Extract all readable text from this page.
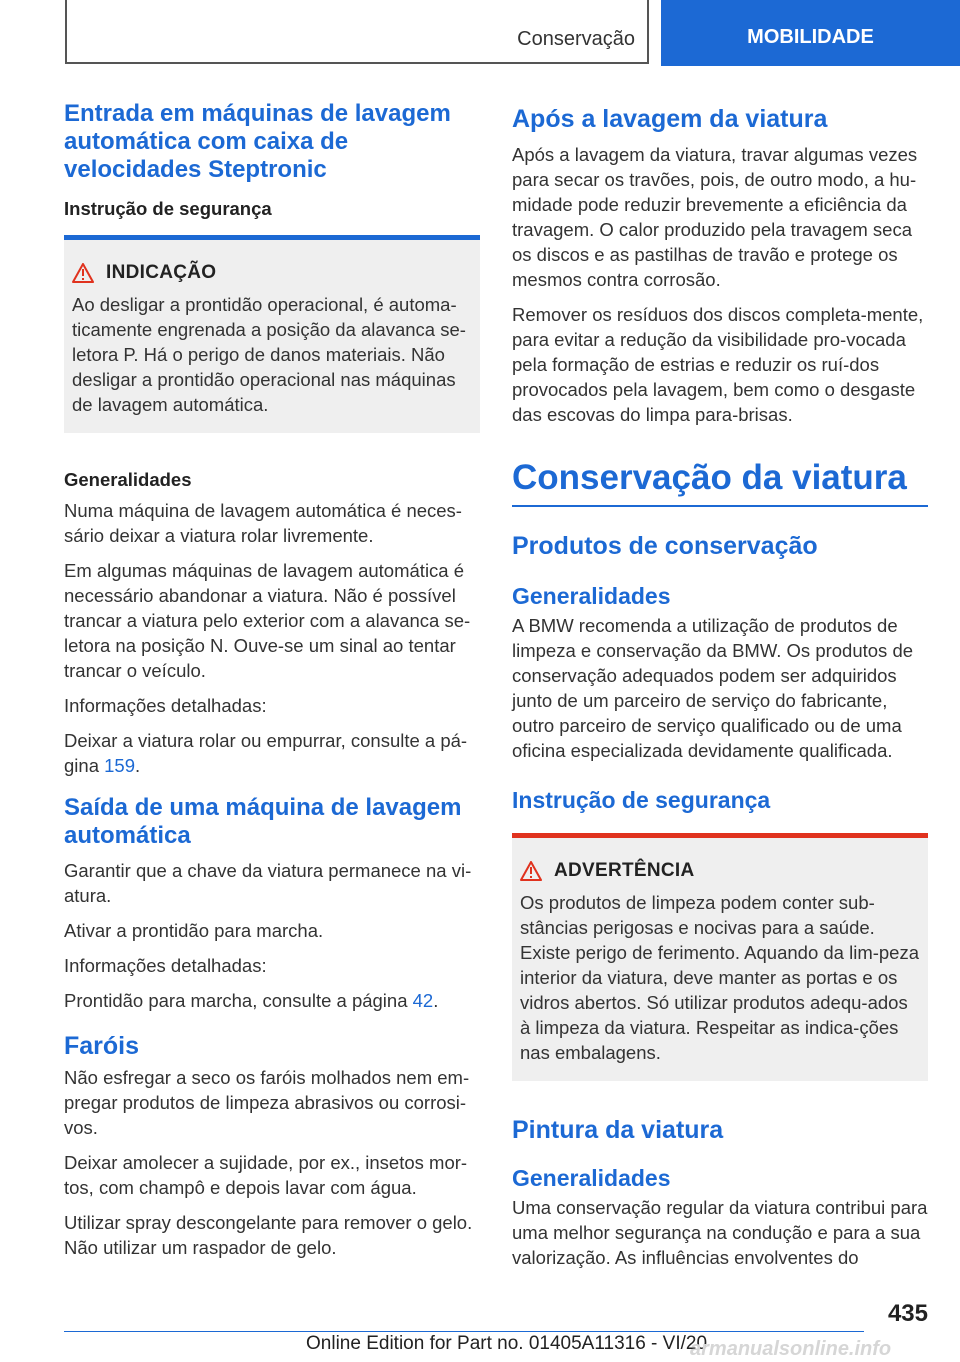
Conservação	MOBILIDADE
Entrada em máquinas de lavagem automática com caixa de velocidades Steptronic
Instrução de segurança
INDICAÇÃO

Ao desligar a prontidão operacional, é automa-ticamente engrenada a posição da alavanca se-letora P. Há o perigo de danos materiais. Não desligar a prontidão operacional nas máquinas de lavagem automática.

Generalidades

Numa máquina de lavagem automática é neces-sário deixar a viatura rolar livremente.

Em algumas máquinas de lavagem automática é necessário abandonar a viatura. Não é possível trancar a viatura pelo exterior com a alavanca se-letora na posição N. Ouve-se um sinal ao tentar trancar o veículo.

Informações detalhadas:

Deixar a viatura rolar ou empurrar, consulte a pá-gina 159.

Saída de uma máquina de lavagem automática

Garantir que a chave da viatura permanece na vi-atura.

Ativar a prontidão para marcha.

Informações detalhadas:

Prontidão para marcha, consulte a página 42.

Faróis

Não esfregar a seco os faróis molhados nem em-pregar produtos de limpeza abrasivos ou corrosi-vos.

Deixar amolecer a sujidade, por ex., insetos mor-tos, com champô e depois lavar com água.

Utilizar spray descongelante para remover o gelo. Não utilizar um raspador de gelo.

Após a lavagem da viatura

Após a lavagem da viatura, travar algumas vezes para secar os travões, pois, de outro modo, a hu-midade pode reduzir brevemente a eficiência da travagem. O calor produzido pela travagem seca os discos e as pastilhas de travão e protege os mesmos contra corrosão.

Remover os resíduos dos discos completa-mente, para evitar a redução da visibilidade pro-vocada pela formação de estrias e reduzir os ruí-dos provocados pela lavagem, bem como o desgaste das escovas do limpa para-brisas.

Conservação da viatura
Produtos de conservação
Generalidades

A BMW recomenda a utilização de produtos de limpeza e conservação da BMW. Os produtos de conservação adequados podem ser adquiridos junto de um parceiro de serviço do fabricante, outro parceiro de serviço qualificado ou de uma oficina especializada devidamente qualificada.

Instrução de segurança
ADVERTÊNCIA

Os produtos de limpeza podem conter sub-stâncias perigosas e nocivas para a saúde. Existe perigo de ferimento. Aquando da lim-peza interior da viatura, deve manter as portas e os vidros abertos. Só utilizar produtos adequ-ados à limpeza da viatura. Respeitar as indica-ções nas embalagens.

Pintura da viatura
Generalidades

Uma conservação regular da viatura contribui para uma melhor segurança na condução e para a sua valorização. As influências envolventes do

435
Online Edition for Part no. 01405A11316 - VI/20
armanualsonline.info
